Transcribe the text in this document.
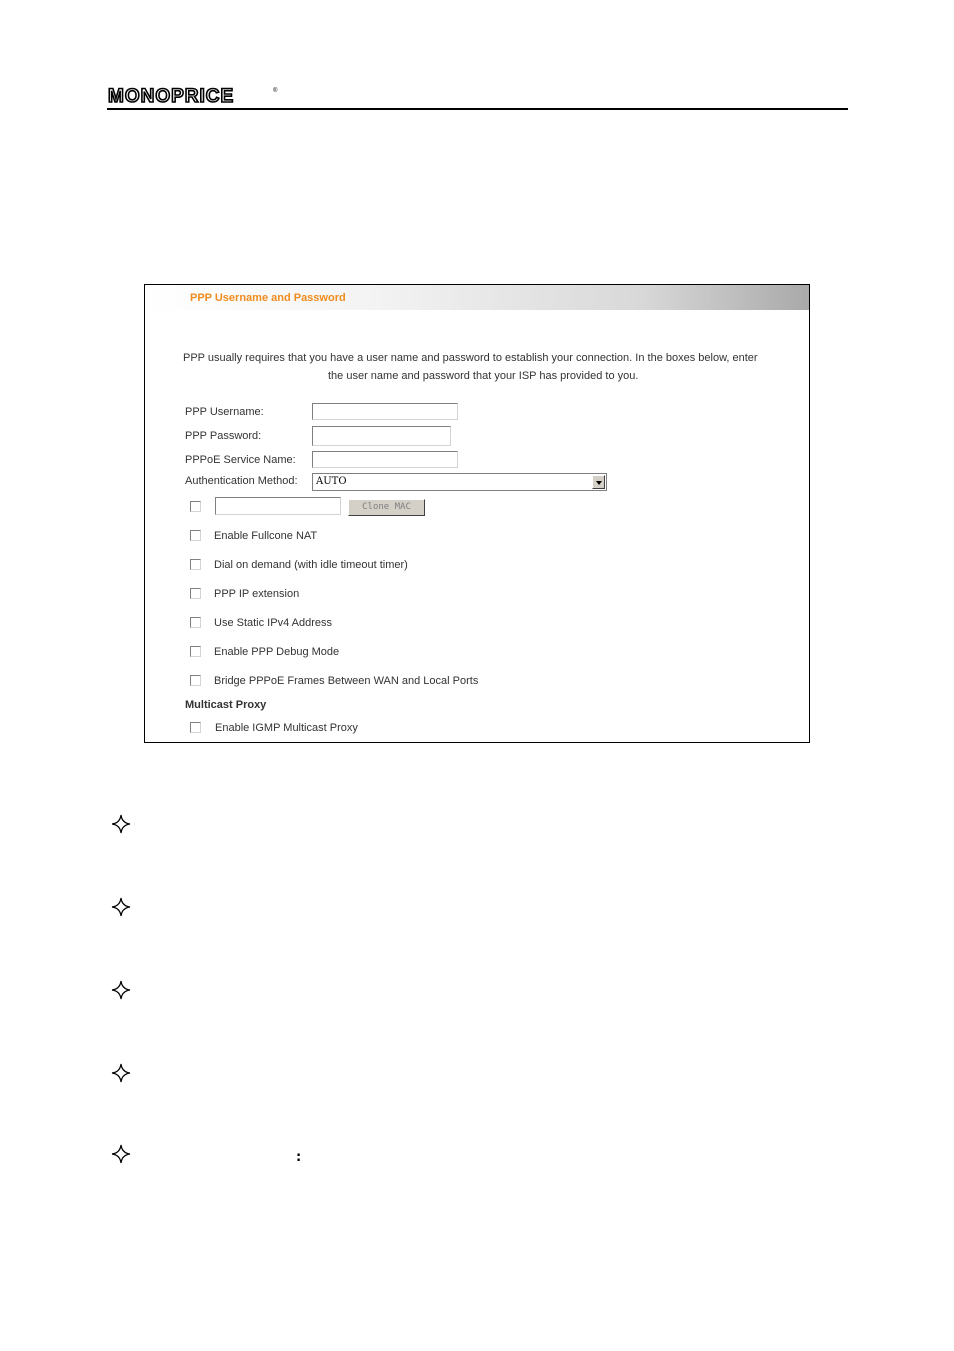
MONOPRICE	®
PPP Username and Password
PPP usually requires that you have a user name and password to establish your connection. In the boxes below, enter
the user name and password that your ISP has provided to you.
PPP Username:
PPP Password:
PPPoE Service Name:
Authentication Method: AUTO
Clone MAC
Enable Fullcone NAT
Dial on demand (with idle timeout timer)
PPP IP extension
Use Static IPv4 Address
Enable PPP Debug Mode
Bridge PPPoE Frames Between WAN and Local Ports
Multicast Proxy
Enable IGMP Multicast Proxy
:
